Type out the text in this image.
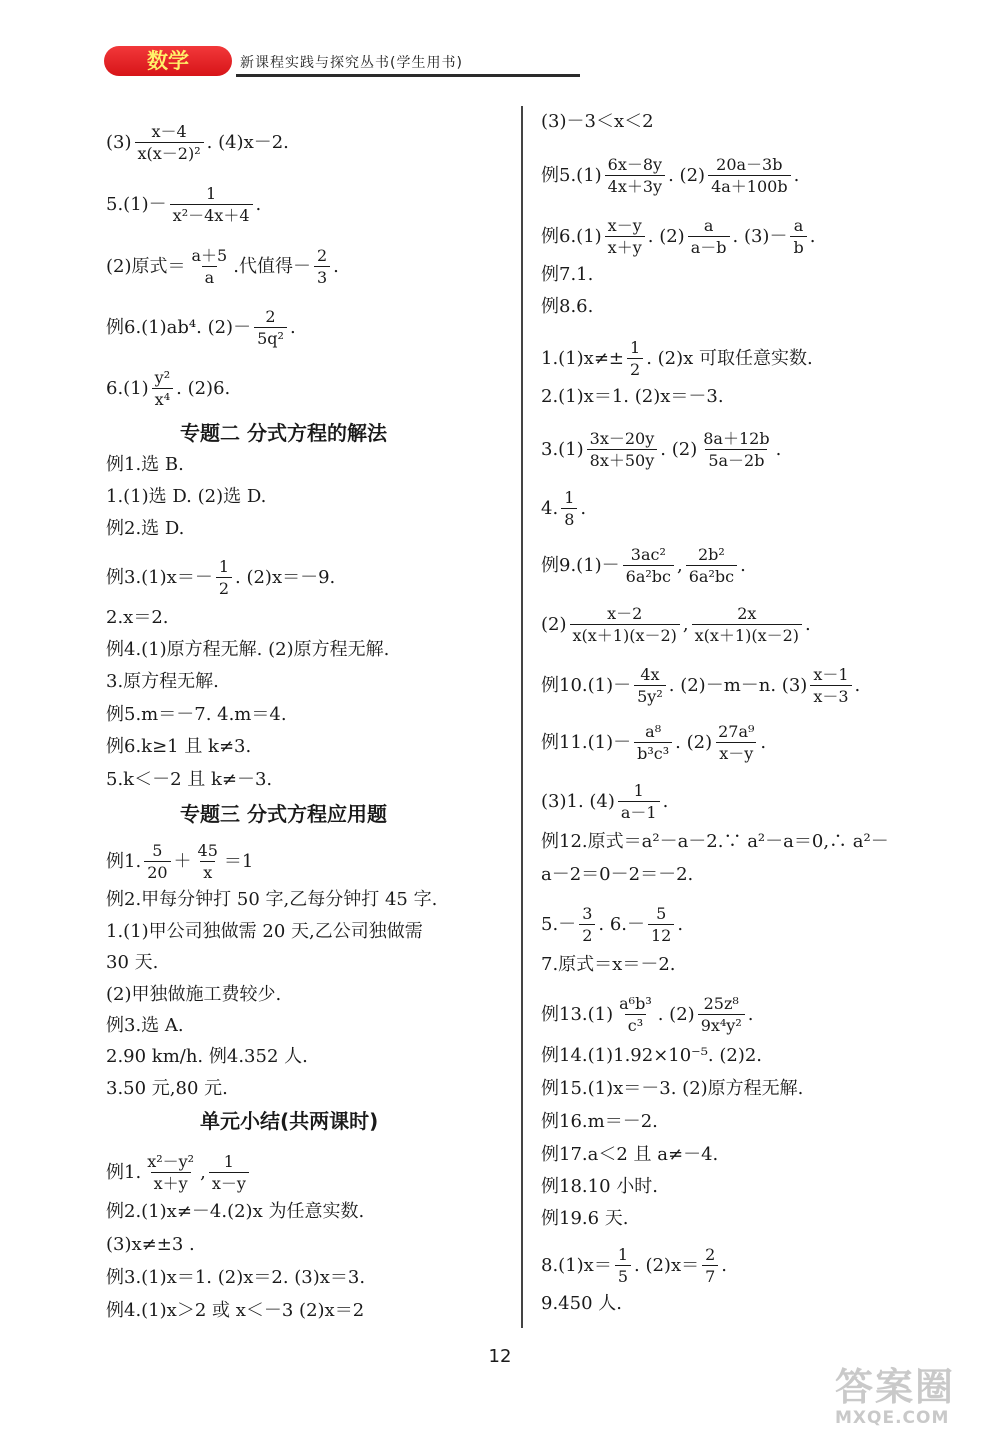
数学	新课程实践与探究丛书(学生用书)
$(3) \frac{x-4}{\text{x(x－2)²}}$ . (4)x－2.
$5.(1)- \frac{1}{\text{x²－4x＋4}}$ .
(2)原式＝ $\frac{a+5}{a}$ .代值得－ $\frac{2}{3}$ .
例6.(1)ab⁴. $(2)- \frac{2}{\text{5q²}}$ .
$6.(1) \frac{\text{y²}}{\text{x⁴}}$ . (2)6.
专题二 分式方程的解法
例1.选 B.
1.(1)选 D. (2)选 D.
例2.选 D.
例$3.(1)x=- \frac{1}{2}$ . (2)x＝－9.
2.x＝2.
例4.(1)原方程无解. (2)原方程无解.
3.原方程无解.
例5.m＝－7. 4.m＝4.
例6.k≥1 且 k≠3.
5.k＜－2 且 k≠－3.
专题三 分式方程应用题
例1. $\frac{5}{20} + \frac{45}{x} =1$
例2.甲每分钟打 50 字,乙每分钟打 45 字.
1.(1)甲公司独做需 20 天,乙公司独做需
30 天.
(2)甲独做施工费较少.
例3.选 A.
2.90 km/h. 例4.352 人.
3.50 元,80 元.
单元小结(共两课时)
例1. $\frac{\text{x²－y²}}{x+y}$ , $\frac{1}{x-y}$
例2.(1)x≠－4.(2)x 为任意实数.
(3)x≠±3 .
例3.(1)x＝1. (2)x＝2. (3)x＝3.
例4.(1)x＞2 或 x＜－3 (2)x＝2
(3)－3＜x＜2
例$5.(1) \frac{6x-8y}{4x+3y}$ . $(2) \frac{20a-3b}{4a+100b}$ .
例$6.(1) \frac{x-y}{x+y}$ . $(2) \frac{a}{a-b}$ . $(3)- \frac{a}{b}$ .
例7.1.
例8.6.
$1.(1)x\ne\pm \frac{1}{2}$ . (2)x 可取任意实数.
2.(1)x＝1. (2)x＝－3.
$3.(1) \frac{3x-20y}{8x+50y}$ . $(2) \frac{8a+12b}{5a-2b}$ .
4. $\frac{1}{8}$ .
例$9.(1)- \frac{\text{3ac²}}{\text{6a²bc}}$ , $\frac{\text{2b²}}{\text{6a²bc}}$ .
$(2) \frac{x-2}{x(x+1)(x-2)}$ , $\frac{2x}{x(x+1)(x-2)}$ .
例$10.(1)- \frac{4x}{\text{5y²}}$ . (2)－m－n. $(3) \frac{x-1}{x-3}$ .
例$11.(1)- \frac{\text{a⁸}}{\text{b³c³}}$ . $(2) \frac{\text{27a⁹}}{x-y}$ .
(3)1. $(4) \frac{1}{a-1}$ .
例12.原式＝a²－a－2.∵ a²－a＝0,∴ a²－
a－2＝0－2＝－2.
$5.- \frac{3}{2}$ . $6.- \frac{5}{12}$ .
7.原式＝x＝－2.
例$13.(1) \frac{\text{a⁶b³}}{\text{c³}}$ . $(2) \frac{\text{25z⁸}}{\text{9x⁴y²}}$ .
例14.(1)1.92×10⁻⁵. (2)2.
例15.(1)x＝－3. (2)原方程无解.
例16.m＝－2.
例17.a＜2 且 a≠－4.
例18.10 小时.
例19.6 天.
$8.(1)x= \frac{1}{5}$ . $(2)x= \frac{2}{7}$ .
9.450 人.
12
答案圈
MXQE.COM
